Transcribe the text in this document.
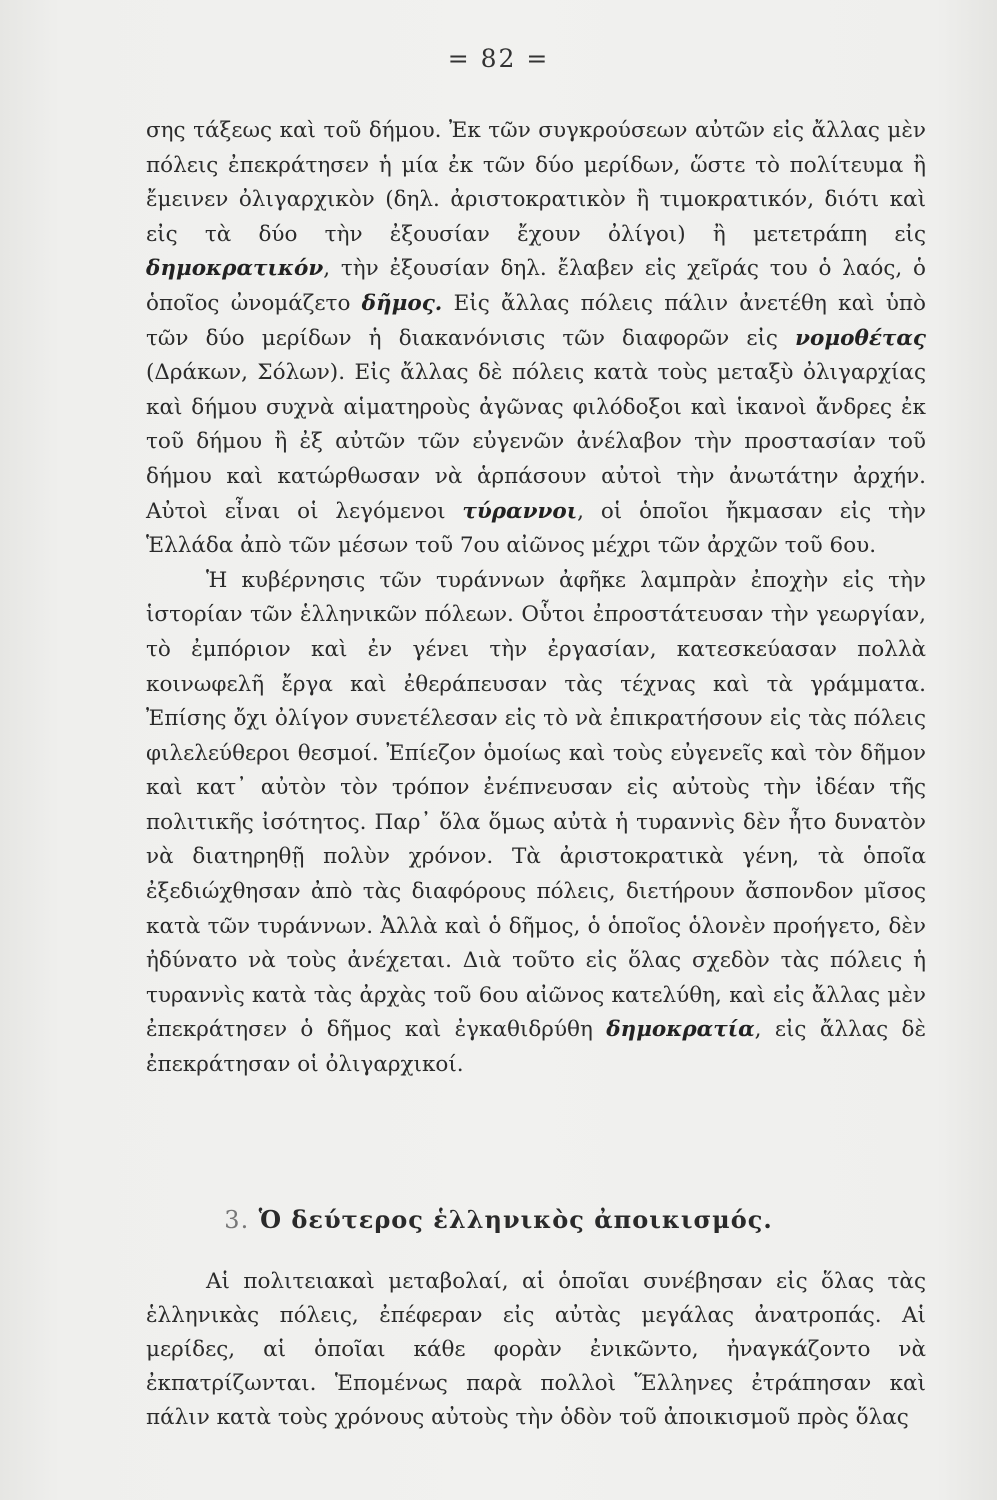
= 82 =

σης τάξεως καὶ τοῦ δήμου. Ἐκ τῶν συγκρούσεων αὐτῶν εἰς ἄλλας μὲν πόλεις ἐπεκράτησεν ἡ μία ἐκ τῶν δύο μερίδων, ὥστε τὸ πολίτευμα ἢ ἔμεινεν ὀλιγαρχικὸν (δηλ. ἀριστοκρατικὸν ἢ τιμοκρατικόν, διότι καὶ εἰς τὰ δύο τὴν ἐξουσίαν ἔχουν ὀλίγοι) ἢ μετετράπη εἰς δημοκρατικόν, τὴν ἐξουσίαν δηλ. ἔλαβεν εἰς χεῖράς του ὁ λαός, ὁ ὁποῖος ὠνομάζετο δῆμος. Εἰς ἄλλας πόλεις πάλιν ἀνετέθη καὶ ὑπὸ τῶν δύο μερίδων ἡ διακανόνισις τῶν διαφορῶν εἰς νομοθέτας (Δράκων, Σόλων). Εἰς ἄλλας δὲ πόλεις κατὰ τοὺς μεταξὺ ὀλιγαρχίας καὶ δήμου συχνὰ αἱματηροὺς ἀγῶνας φιλόδοξοι καὶ ἱκανοὶ ἄνδρες ἐκ τοῦ δήμου ἢ ἐξ αὐτῶν τῶν εὐγενῶν ἀνέλαβον τὴν προστασίαν τοῦ δήμου καὶ κατώρθωσαν νὰ ἁρπάσουν αὐτοὶ τὴν ἀνωτάτην ἀρχήν. Αὐτοὶ εἶναι οἱ λεγόμενοι τύραννοι, οἱ ὁποῖοι ἤκμασαν εἰς τὴν Ἑλλάδα ἀπὸ τῶν μέσων τοῦ 7ου αἰῶνος μέχρι τῶν ἀρχῶν τοῦ 6ου.

Ἡ κυβέρνησις τῶν τυράννων ἀφῆκε λαμπρὰν ἐποχὴν εἰς τὴν ἱστορίαν τῶν ἑλληνικῶν πόλεων. Οὗτοι ἐπροστάτευσαν τὴν γεωργίαν, τὸ ἐμπόριον καὶ ἐν γένει τὴν ἐργασίαν, κατεσκεύασαν πολλὰ κοινωφελῆ ἔργα καὶ ἐθεράπευσαν τὰς τέχνας καὶ τὰ γράμματα. Ἐπίσης ὄχι ὀλίγον συνετέλεσαν εἰς τὸ νὰ ἐπικρατήσουν εἰς τὰς πόλεις φιλελεύθεροι θεσμοί. Ἐπίεζον ὁμοίως καὶ τοὺς εὐγενεῖς καὶ τὸν δῆμον καὶ κατ᾽ αὐτὸν τὸν τρόπον ἐνέπνευσαν εἰς αὐτοὺς τὴν ἰδέαν τῆς πολιτικῆς ἰσότητος. Παρ᾽ ὅλα ὅμως αὐτὰ ἡ τυραννὶς δὲν ἦτο δυνατὸν νὰ διατηρηθῇ πολὺν χρόνον. Τὰ ἀριστοκρατικὰ γένη, τὰ ὁποῖα ἐξεδιώχθησαν ἀπὸ τὰς διαφόρους πόλεις, διετήρουν ἄσπονδον μῖσος κατὰ τῶν τυράννων. Ἀλλὰ καὶ ὁ δῆμος, ὁ ὁποῖος ὁλονὲν προήγετο, δὲν ἠδύνατο νὰ τοὺς ἀνέχεται. Διὰ τοῦτο εἰς ὅλας σχεδὸν τὰς πόλεις ἡ τυραννὶς κατὰ τὰς ἀρχὰς τοῦ 6ου αἰῶνος κατελύθη, καὶ εἰς ἄλλας μὲν ἐπεκράτησεν ὁ δῆμος καὶ ἐγκαθιδρύθη δημοκρατία, εἰς ἄλλας δὲ ἐπεκράτησαν οἱ ὀλιγαρχικοί.

3. Ὁ δεύτερος ἑλληνικὸς ἀποικισμός.

Αἱ πολιτειακαὶ μεταβολαί, αἱ ὁποῖαι συνέβησαν εἰς ὅλας τὰς ἑλληνικὰς πόλεις, ἐπέφεραν εἰς αὐτὰς μεγάλας ἀνατροπάς. Αἱ μερίδες, αἱ ὁποῖαι κάθε φορὰν ἐνικῶντο, ἠναγκάζοντο νὰ ἐκπατρίζωνται. Ἑπομένως παρὰ πολλοὶ Ἕλληνες ἐτράπησαν καὶ πάλιν κατὰ τοὺς χρόνους αὐτοὺς τὴν ὁδὸν τοῦ ἀποικισμοῦ πρὸς ὅλας
